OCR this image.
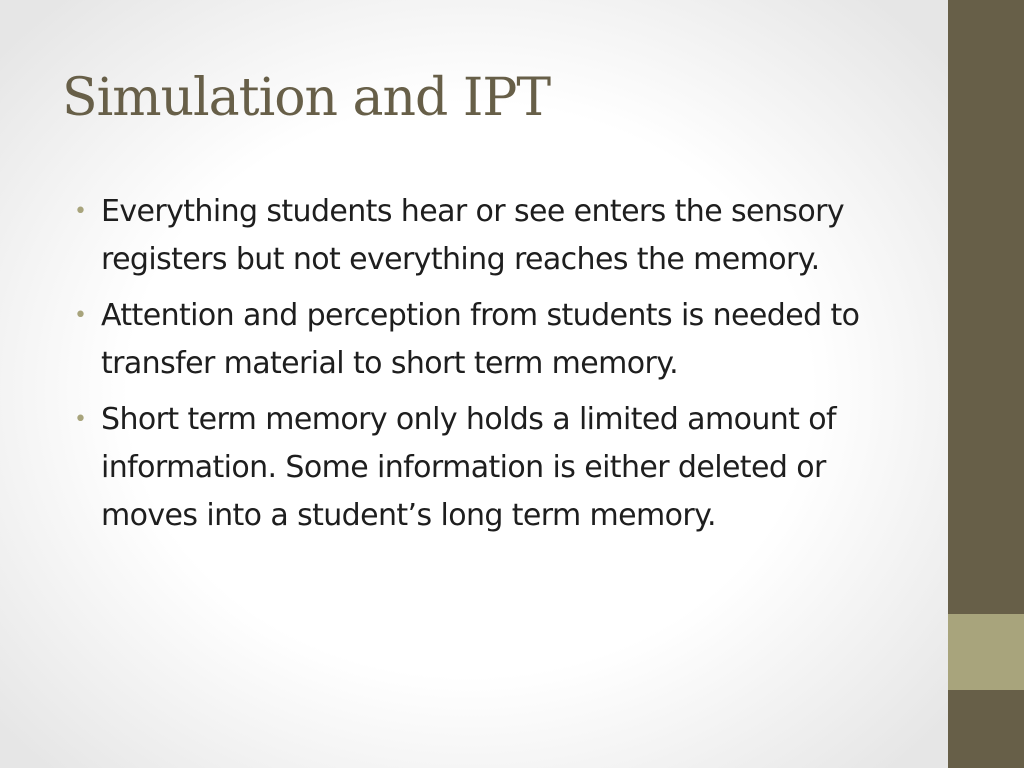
Simulation and IPT
• Everything students hear or see enters the sensory registers but not everything reaches the memory.
• Attention and perception from students is needed to transfer material to short term memory.
• Short term memory only holds a limited amount of information. Some information is either deleted or moves into a student’s long term memory.
